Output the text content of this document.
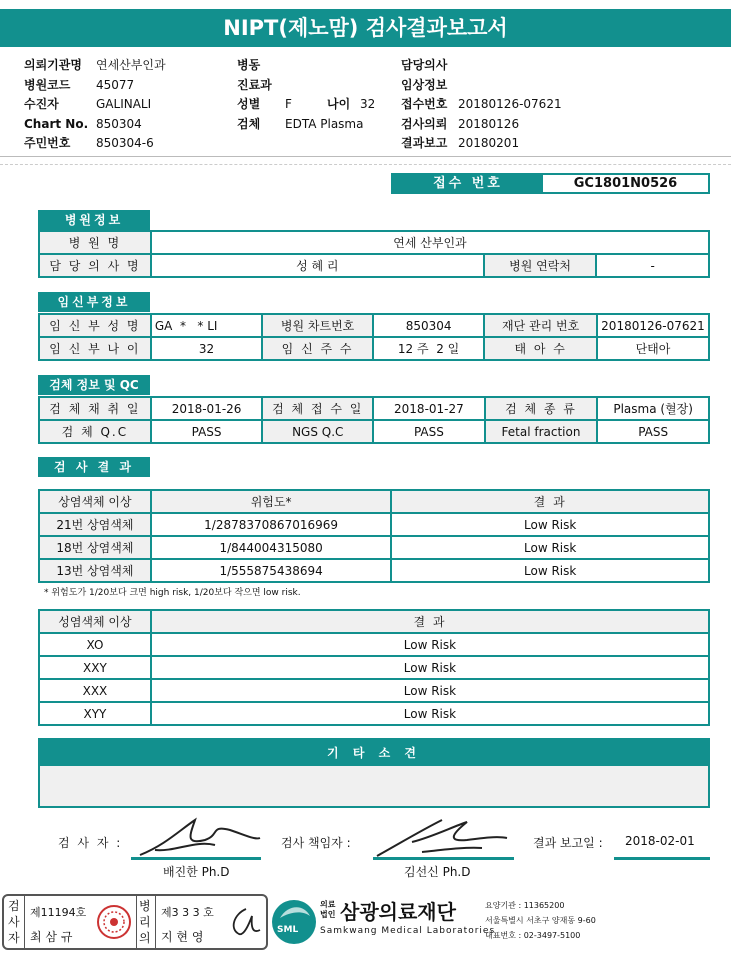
NIPT(제노맘) 검사결과보고서
의뢰기관명	연세산부인과
병원코드	45077
수진자	GALINALI
Chart No. 850304
주민번호	850304-6
병동
진료과
성별	F	나이 32
검체	EDTA Plasma
담당의사
임상정보
접수번호 20180126-07621
검사의뢰 20180126
결과보고 20180201
접수 번호	GC1801N0526
병원정보
병 원 명	연세 산부인과		
담 당 의 사 명	성 혜 리	병원 연락처	-
임신부정보
임 신 부 성 명	GA  *   * LI	병원 차트번호	850304	재단 관리 번호	20180126-07621
임 신 부 나 이	32	임 신 주 수	12 주  2 일	태 아 수	단태아
검체 정보 및 QC
검 체 채 취 일	2018-01-26	검 체 접 수 일	2018-01-27	검 체 종 류	Plasma (혈장)
검 체 Q.C	PASS	NGS Q.C	PASS	Fetal fraction	PASS
검 사 결 과
상염색체 이상	위험도*	결 과
21번 상염색체	1/2878370867016969	Low Risk
18번 상염색체	1/844004315080	Low Risk
13번 상염색체	1/555875438694	Low Risk
* 위험도가 1/20보다 크면 high risk, 1/20보다 작으면 low risk.
성염색체 이상	결 과
XO	Low Risk
XXY	Low Risk
XXX	Low Risk
XYY	Low Risk
기 타 소 견
검 사 자 :
배진한 Ph.D
검사 책임자 :
김선신 Ph.D
결과 보고일 : 2018-02-01
검사자
제11194호
최 삼 규
병리의
제3 3 3 호
지 현 영	SML
의료
법인 삼광의료재단
Samkwang Medical Laboratories
요양기관 : 11365200
서울특별시 서초구 양재동 9-60
대표번호 : 02-3497-5100
